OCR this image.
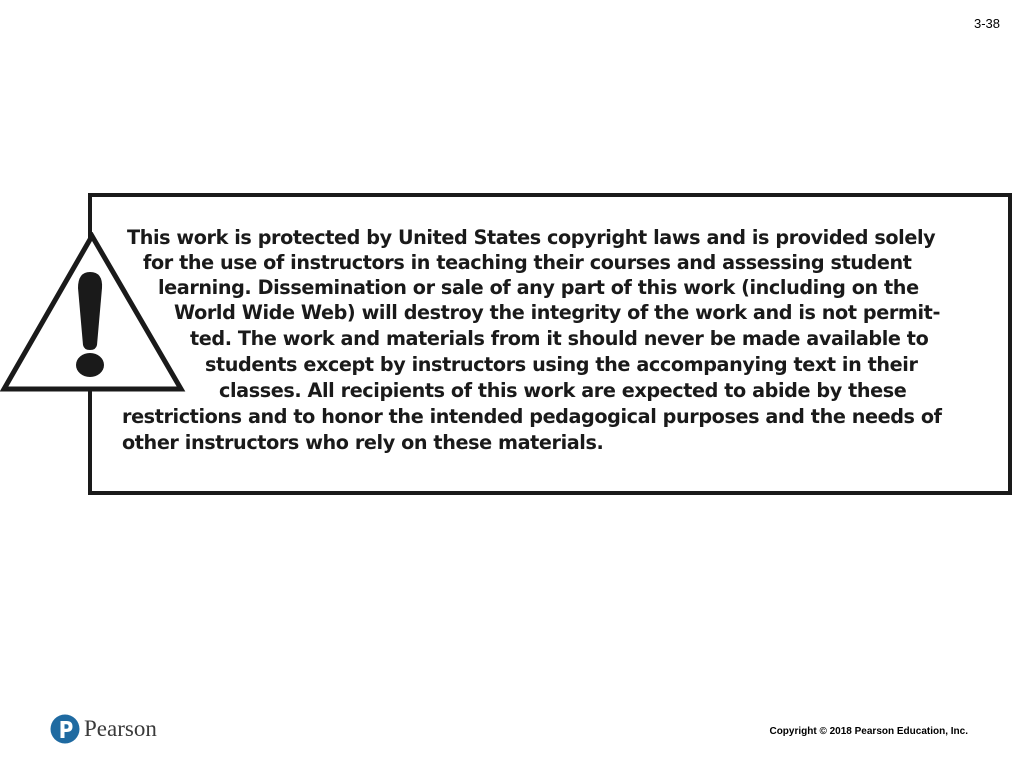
3-38

This work is protected by United States copyright laws and is provided solely

for the use of instructors in teaching their courses and assessing student

learning. Dissemination or sale of any part of this work (including on the

World Wide Web) will destroy the integrity of the work and is not permit-

ted. The work and materials from it should never be made available to

students except by instructors using the accompanying text in their

classes. All recipients of this work are expected to abide by these

restrictions and to honor the intended pedagogical purposes and the needs of

other instructors who rely on these materials.

Pearson	Copyright © 2018 Pearson Education, Inc.
